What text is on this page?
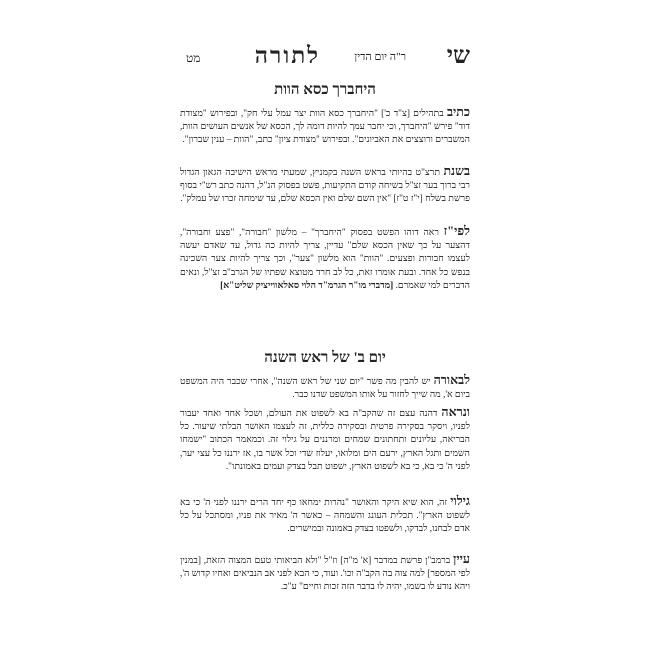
שי
ר"ה יום הדין
לתורה
מט
היחברך כסא הוות

כתיב בתהילים [צ"ד כ'] "היחברך כסא הוות יצר עמל עלי חק", ובפירוש "מצודת דוד" פירש "היחברך, וכי יחבר עמך להיות דומה לך, הכסא של אנשים העושים הוות, המשברים ורוצצים את האביונים". ובפירוש "מצודת ציון" כתב, "הוות – ענין שברון".

בשנת תרצ"ט בהיותי בראש השנה בקמניץ, שמעתי מראש הישיבה הגאון הגדול רבי ברוך בער זצ"ל בשיחה קודם התקיעות, פשט בפסוק הנ"ל, דהנה כתב רש"י בסוף פרשת בשלח [י"ז ט"ז] "אין השם שלם ואין הכסא שלם, עד שימחה זכרו של עמלק".

לפי"ז ראה דוהו הפשט בפסוק "היחברך" – מלשון "חבורה", "פצע וחבורה", דהצער על כך שאין הכסא שלם" עדיין, צריך להיות כה גדול, עד שאדם יעשה לעצמו חבורות ופצעים. "הוות" הוא מלשון "צער", וכך צריך להיות צער השכינה בנפש כל אחד. ובעת אומרו זאת, כל לב חרד מטוצא שפתיו של הגרב"ב זצ"ל, ונאים הדברים למי שאמרם. [מדברי מו"ר הגרמ"ד הלוי סאלאווייציק שליט"א]

יום ב' של ראש השנה

לבאורה יש להבין מה פשר "יום שני של ראש השנה", אחרי שכבר היה המשפט ביום א', מה שייך לחזור על אותו המשפט שדנו כבר.

ונראה דהנה עצם זה שהקב"ה בא לשפוט את העולם, ושכל אחד ואחד יעבור לפניו, ויסקר בסקירה פרטית ובסקירה כללית, זה לעצמו האושר הבלתי שיעור. כל הבריאה, עליונים ותחתונים שמחים ומרננים על גילוי זה. וכמאמר הכתוב "ישמחו השמים ותגל הארץ, ירעם הים ומלואו, יעלוז שדי וכל אשר בו, אז ירננו כל עצי יער, לפני ה' כי בא, כי בא לשפוט הארץ, ישפוט תבל בצדק ועמים באמונתו".

גילוי זה, הוא שיא היקר והאושר "נהרות ימחאו כף יחד הרים ירננו לפני ה' כי בא לשפוט הארץ". תכלית העונג והשמחה – כאשר ה' מאיר את פניו, ומסתכל על כל אדם לבחנו, לבדקו, ולשפטו בצדק באמונה ובמישרים.

עיין ברמב"ן פרשת במדבר [א' מ"ה] וז"ל "ולא הביאותי טעם המצוה הזאת, [במנין לפי המספר] למה צוה בה הקב"ה וכו'. ועוד, כי הבא לפני אב הנביאים ואחיו קדוש ה', ויהא נודע לו בשמו, יהיה לו בדבר הזה זכות וחיים" ע"כ.
